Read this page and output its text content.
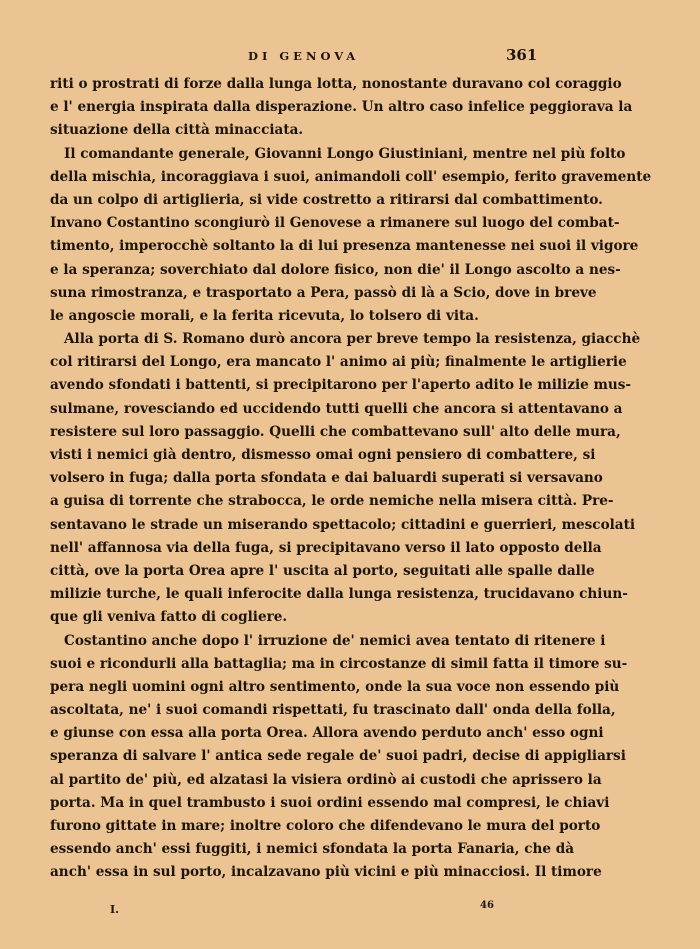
DI GENOVA	361
riti o prostrati di forze dalla lunga lotta, nonostante duravano col coraggio
e l' energia inspirata dalla disperazione. Un altro caso infelice peggiorava la
situazione della città minacciata.
Il comandante generale, Giovanni Longo Giustiniani, mentre nel più folto
della mischia, incoraggiava i suoi, animandoli coll' esempio, ferito gravemente
da un colpo di artiglieria, si vide costretto a ritirarsi dal combattimento.
Invano Costantino scongiurò il Genovese a rimanere sul luogo del combat-
timento, imperocchè soltanto la di lui presenza mantenesse nei suoi il vigore
e la speranza; soverchiato dal dolore fisico, non die' il Longo ascolto a nes-
suna rimostranza, e trasportato a Pera, passò di là a Scio, dove in breve
le angoscie morali, e la ferita ricevuta, lo tolsero di vita.
Alla porta di S. Romano durò ancora per breve tempo la resistenza, giacchè
col ritirarsi del Longo, era mancato l' animo ai più; finalmente le artiglierie
avendo sfondati i battenti, si precipitarono per l'aperto adito le milizie mus-
sulmane, rovesciando ed uccidendo tutti quelli che ancora si attentavano a
resistere sul loro passaggio. Quelli che combattevano sull' alto delle mura,
visti i nemici già dentro, dismesso omai ogni pensiero di combattere, si
volsero in fuga; dalla porta sfondata e dai baluardi superati si versavano
a guisa di torrente che strabocca, le orde nemiche nella misera città. Pre-
sentavano le strade un miserando spettacolo; cittadini e guerrieri, mescolati
nell' affannosa via della fuga, si precipitavano verso il lato opposto della
città, ove la porta Orea apre l' uscita al porto, seguitati alle spalle dalle
milizie turche, le quali inferocite dalla lunga resistenza, trucidavano chiun-
que gli veniva fatto di cogliere.
Costantino anche dopo l' irruzione de' nemici avea tentato di ritenere i
suoi e ricondurli alla battaglia; ma in circostanze di simil fatta il timore su-
pera negli uomini ogni altro sentimento, onde la sua voce non essendo più
ascoltata, ne' i suoi comandi rispettati, fu trascinato dall' onda della folla,
e giunse con essa alla porta Orea. Allora avendo perduto anch' esso ogni
speranza di salvare l' antica sede regale de' suoi padri, decise di appigliarsi
al partito de' più, ed alzatasi la visiera ordinò ai custodi che aprissero la
porta. Ma in quel trambusto i suoi ordini essendo mal compresi, le chiavi
furono gittate in mare; inoltre coloro che difendevano le mura del porto
essendo anch' essi fuggiti, i nemici sfondata la porta Fanaria, che dà
anch' essa in sul porto, incalzavano più vicini e più minacciosi. Il timore
I.	46
